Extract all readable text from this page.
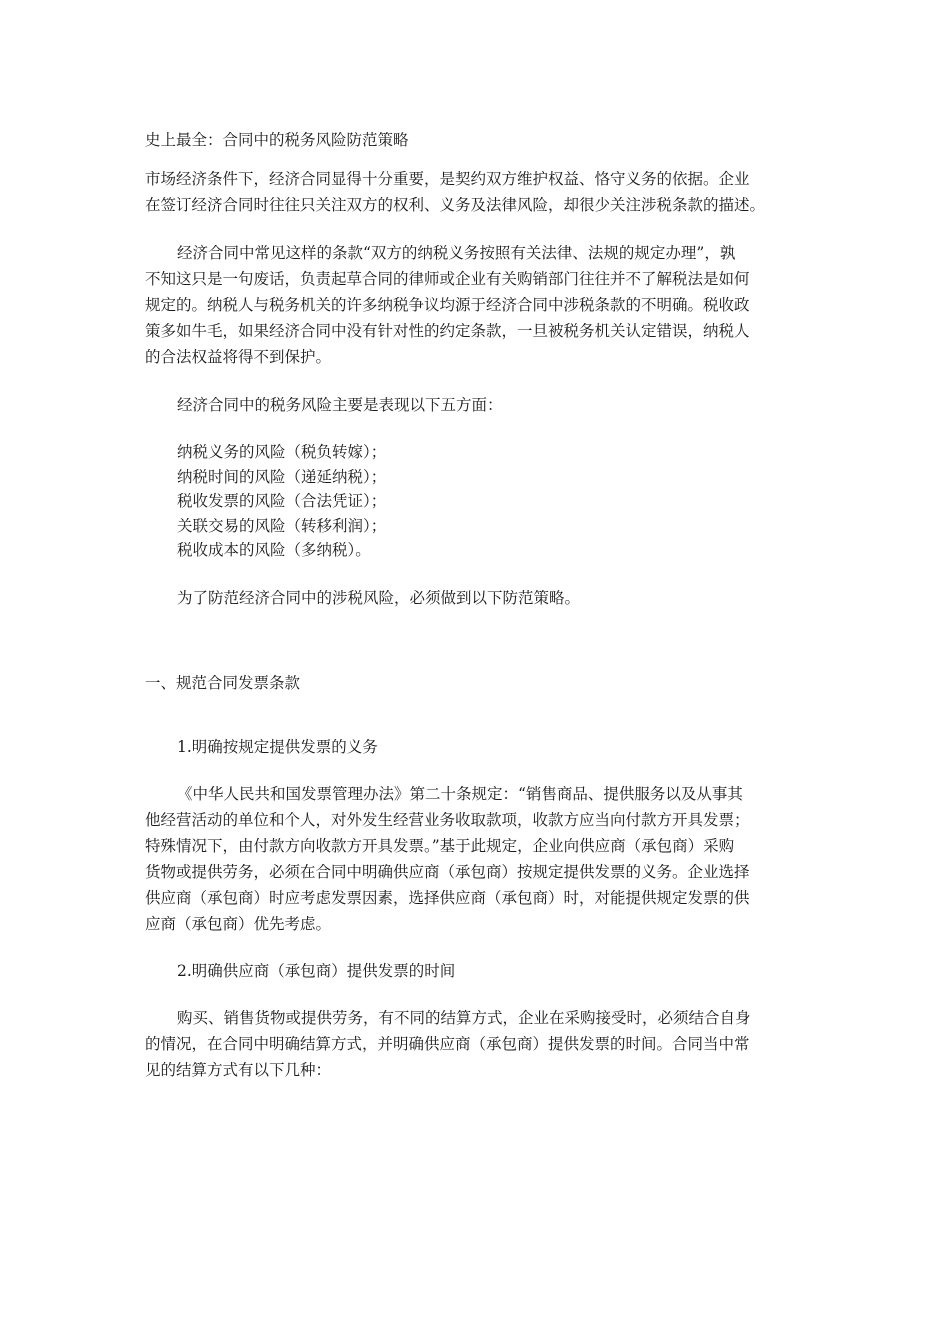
史上最全：合同中的税务风险防范策略

市场经济条件下，经济合同显得十分重要，是契约双方维护权益、恪守义务的依据。企业

在签订经济合同时往往只关注双方的权利、义务及法律风险，却很少关注涉税条款的描述。

经济合同中常见这样的条款“双方的纳税义务按照有关法律、法规的规定办理”，孰

不知这只是一句废话，负责起草合同的律师或企业有关购销部门往往并不了解税法是如何

规定的。纳税人与税务机关的许多纳税争议均源于经济合同中涉税条款的不明确。税收政

策多如牛毛，如果经济合同中没有针对性的约定条款，一旦被税务机关认定错误，纳税人

的合法权益将得不到保护。

经济合同中的税务风险主要是表现以下五方面：

纳税义务的风险（税负转嫁）；
纳税时间的风险（递延纳税）；
税收发票的风险（合法凭证）；
关联交易的风险（转移利润）；
税收成本的风险（多纳税）。

为了防范经济合同中的涉税风险，必须做到以下防范策略。

一、规范合同发票条款
1.明确按规定提供发票的义务

《中华人民共和国发票管理办法》第二十条规定：“销售商品、提供服务以及从事其

他经营活动的单位和个人，对外发生经营业务收取款项，收款方应当向付款方开具发票；

特殊情况下，由付款方向收款方开具发票。”基于此规定，企业向供应商（承包商）采购

货物或提供劳务，必须在合同中明确供应商（承包商）按规定提供发票的义务。企业选择

供应商（承包商）时应考虑发票因素，选择供应商（承包商）时，对能提供规定发票的供

应商（承包商）优先考虑。

2.明确供应商（承包商）提供发票的时间

购买、销售货物或提供劳务，有不同的结算方式，企业在采购接受时，必须结合自身

的情况，在合同中明确结算方式，并明确供应商（承包商）提供发票的时间。合同当中常

见的结算方式有以下几种：
